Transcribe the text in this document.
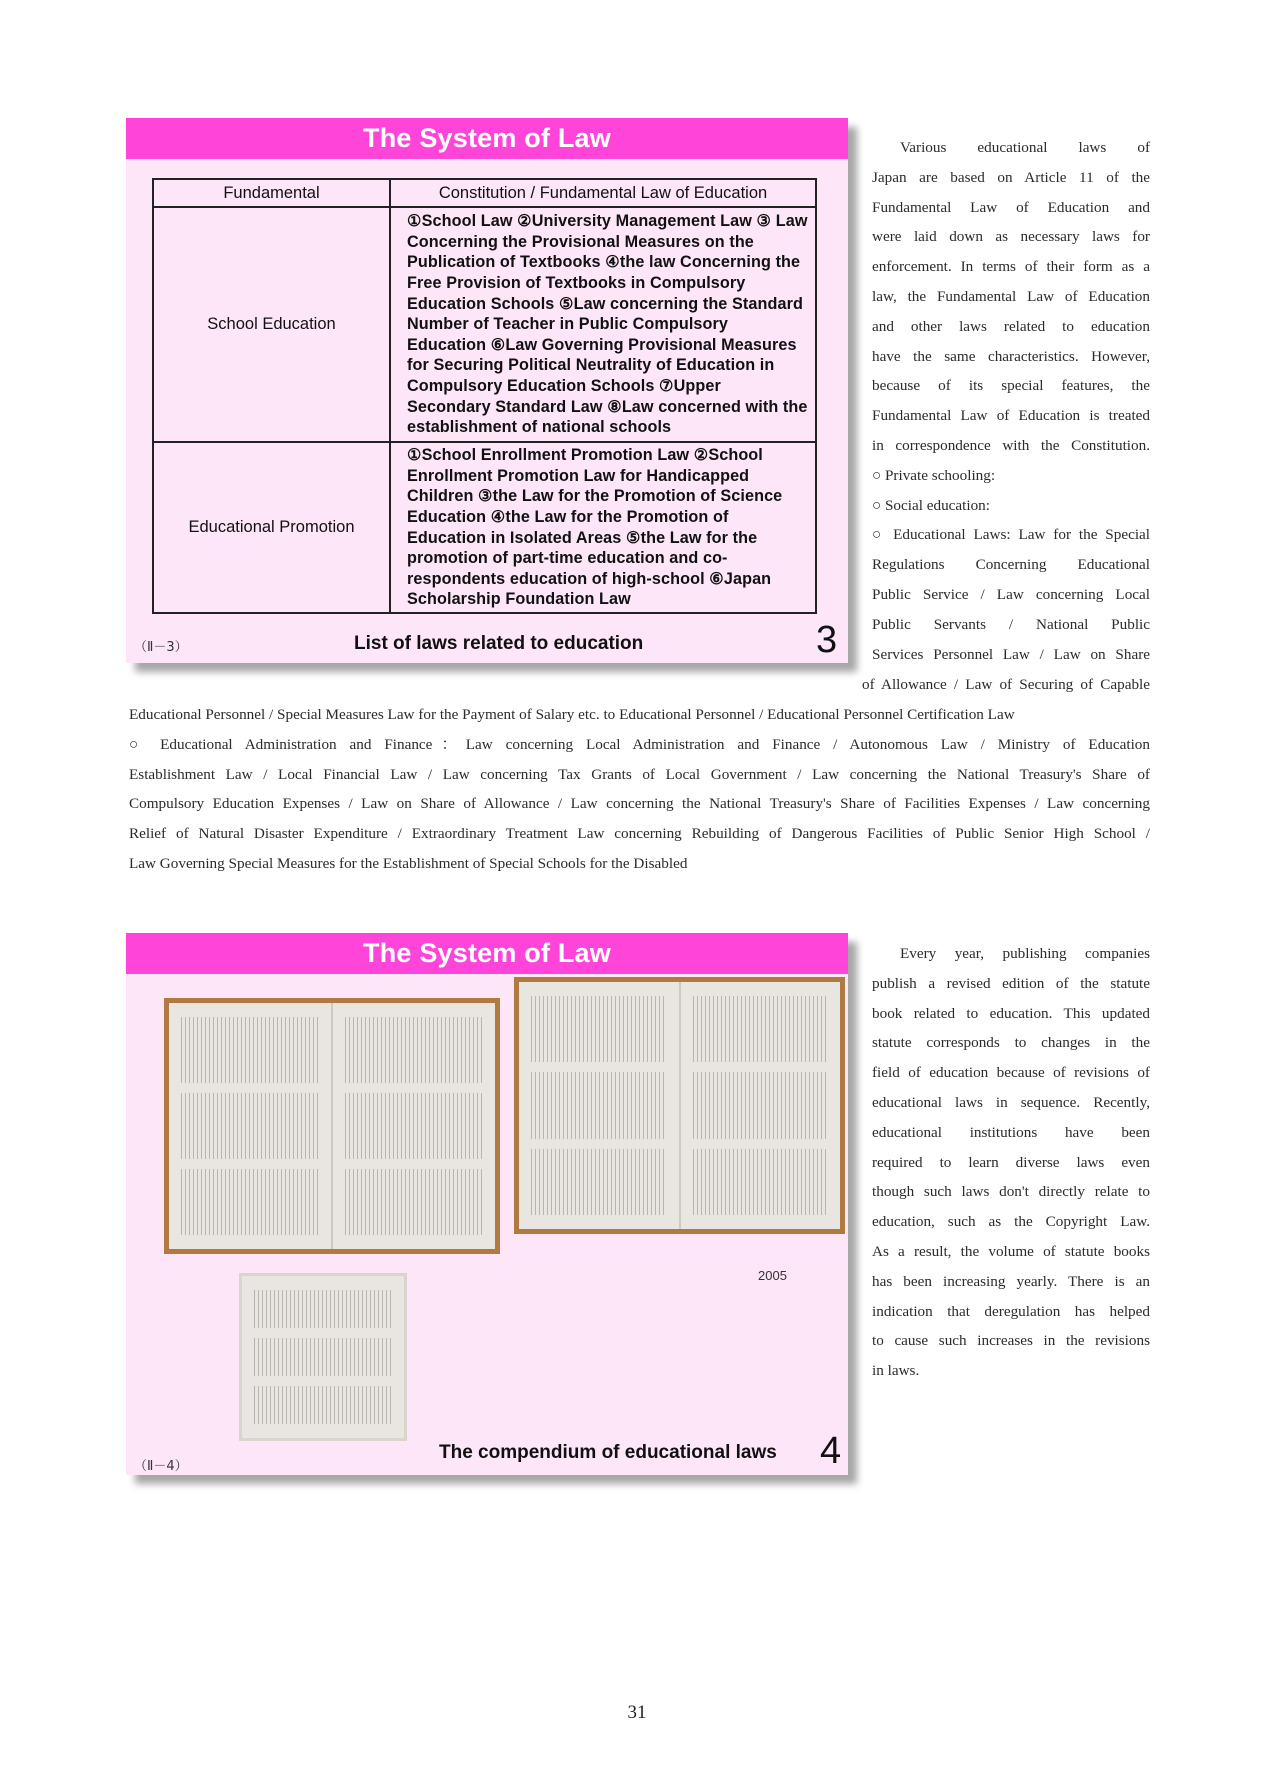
The System of Law
Fundamental	Constitution / Fundamental Law of Education
School Education	①School Law ②University Management Law ③ Law Concerning the Provisional Measures on the Publication of Textbooks ④the law Concerning the Free Provision of Textbooks in Compulsory Education Schools ⑤Law concerning the Standard Number of Teacher in Public Compulsory Education ⑥Law Governing Provisional Measures for Securing Political Neutrality of Education in Compulsory Education Schools ⑦Upper Secondary Standard Law ⑧Law concerned with the establishment of national schools
Educational Promotion	①School Enrollment Promotion Law ②School Enrollment Promotion Law for Handicapped Children ③the Law for the Promotion of Science Education ④the Law for the Promotion of Education in Isolated Areas ⑤the Law for the promotion of part-time education and co-respondents education of high-school ⑥Japan Scholarship Foundation Law
（Ⅱ－3）	List of laws related to education	3

Various educational laws of

Japan are based on Article 11 of the

Fundamental Law of Education and

were laid down as necessary laws for

enforcement. In terms of their form as a

law, the Fundamental Law of Education

and other laws related to education

have the same characteristics. However,

because of its special features, the

Fundamental Law of Education is treated

in correspondence with the Constitution.

○ Private schooling:

○ Social education:

○ Educational Laws: Law for the Special

Regulations Concerning Educational

Public Service / Law concerning Local

Public Servants / National Public

Services Personnel Law / Law on Share

of Allowance / Law of Securing of Capable

Educational Personnel / Special Measures Law for the Payment of Salary etc. to Educational Personnel / Educational Personnel Certification Law

○ Educational Administration and Finance：Law concerning Local Administration and Finance / Autonomous Law / Ministry of Education

Establishment Law / Local Financial Law / Law concerning Tax Grants of Local Government / Law concerning the National Treasury's Share of

Compulsory Education Expenses / Law on Share of Allowance / Law concerning the National Treasury's Share of Facilities Expenses / Law concerning

Relief of Natural Disaster Expenditure / Extraordinary Treatment Law concerning Rebuilding of Dangerous Facilities of Public Senior High School /

Law Governing Special Measures for the Establishment of Special Schools for the Disabled

The System of Law
2005
（Ⅱ－4）
The compendium of educational laws 4

Every year, publishing companies

publish a revised edition of the statute

book related to education. This updated

statute corresponds to changes in the

field of education because of revisions of

educational laws in sequence. Recently,

educational institutions have been

required to learn diverse laws even

though such laws don't directly relate to

education, such as the Copyright Law.

As a result, the volume of statute books

has been increasing yearly. There is an

indication that deregulation has helped

to cause such increases in the revisions

in laws.

31
